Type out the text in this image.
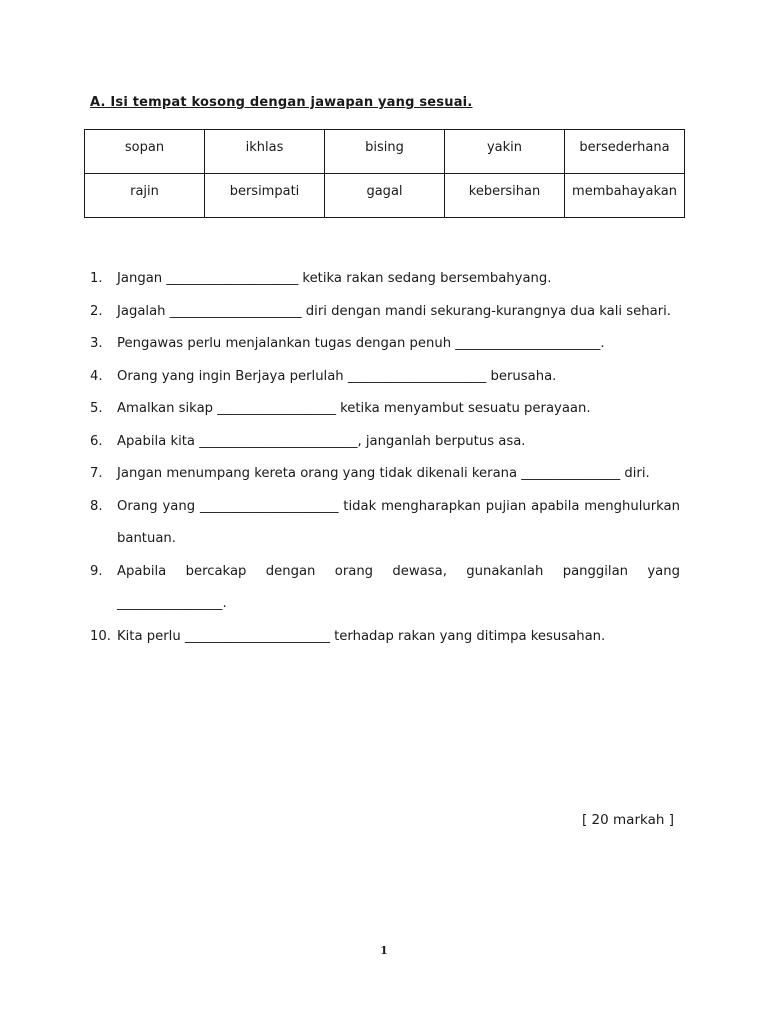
A. Isi tempat kosong dengan jawapan yang sesuai.
sopan	ikhlas	bising	yakin	bersederhana
rajin	bersimpati	gagal	kebersihan	membahayakan
1. Jangan ____________________ ketika rakan sedang bersembahyang.
2. Jagalah ____________________ diri dengan mandi sekurang-kurangnya dua kali sehari.
3. Pengawas perlu menjalankan tugas dengan penuh ______________________.
4. Orang yang ingin Berjaya perlulah _____________________ berusaha.
5. Amalkan sikap __________________ ketika menyambut sesuatu perayaan.
6. Apabila kita ________________________, janganlah berputus asa.
7. Jangan menumpang kereta orang yang tidak dikenali kerana _______________ diri.
8. Orang yang _____________________ tidak mengharapkan pujian apabila menghulurkan bantuan.
9. Apabila bercakap dengan orang dewasa, gunakanlah panggilan yang ________________.
10. Kita perlu ______________________ terhadap rakan yang ditimpa kesusahan.
[ 20 markah ]
1
